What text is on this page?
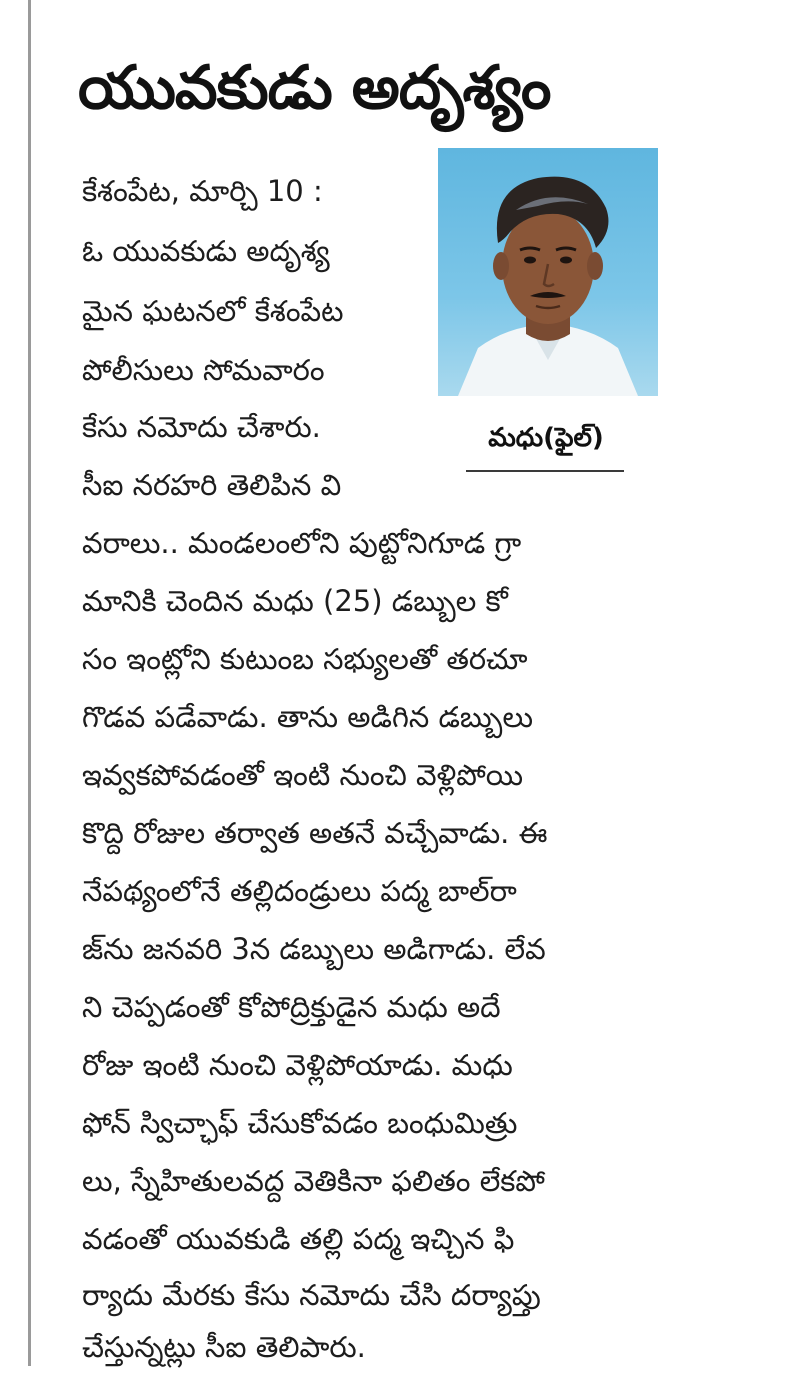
యువకుడు అదృశ్యం

మధు(ఫైల్)

కేశంపేట, మార్చి 10 :

ఓ యువకుడు అదృశ్య

మైన ఘటనలో కేశంపేట

పోలీసులు సోమవారం

కేసు నమోదు చేశారు.

సీఐ నరహరి తెలిపిన వి

వరాలు.. మండలంలోని పుట్టోనిగూడ గ్రా

మానికి చెందిన మధు (25) డబ్బుల కో

సం ఇంట్లోని కుటుంబ సభ్యులతో తరచూ

గొడవ పడేవాడు. తాను అడిగిన డబ్బులు

ఇవ్వకపోవడంతో ఇంటి నుంచి వెళ్లిపోయి

కొద్ది రోజుల తర్వాత అతనే వచ్చేవాడు. ఈ

నేపథ్యంలోనే తల్లిదండ్రులు పద్మ బాల్‌రా

జ్‌ను జనవరి 3న డబ్బులు అడిగాడు. లేవ

ని చెప్పడంతో కోపోద్రిక్తుడైన మధు అదే

రోజు ఇంటి నుంచి వెళ్లిపోయాడు. మధు

ఫోన్ స్విచ్ఛాఫ్ చేసుకోవడం బంధుమిత్రు

లు, స్నేహితులవద్ద వెతికినా ఫలితం లేకపో

వడంతో యువకుడి తల్లి పద్మ ఇచ్చిన ఫి

ర్యాదు మేరకు కేసు నమోదు చేసి దర్యాప్తు

చేస్తున్నట్లు సీఐ తెలిపారు.
